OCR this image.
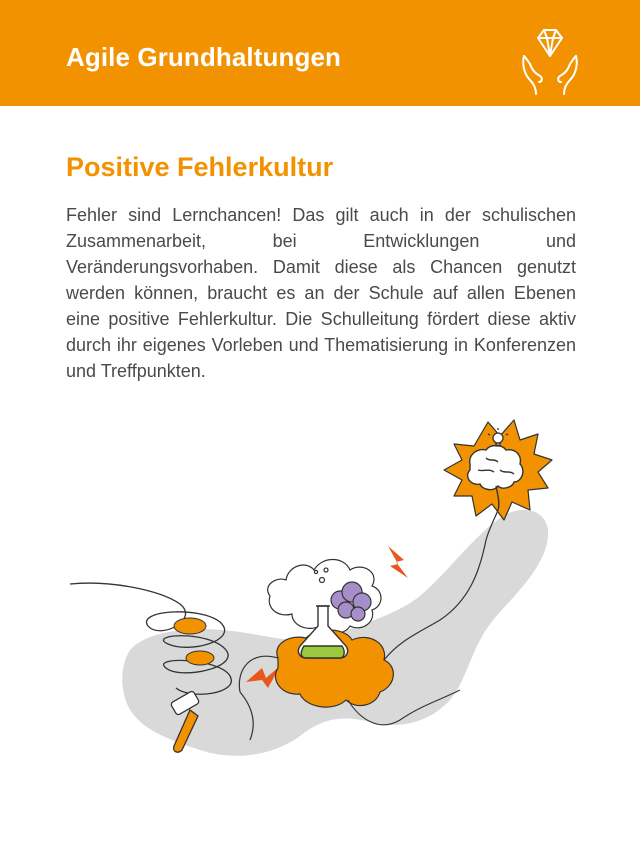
Agile Grundhaltungen
Positive Fehlerkultur
Fehler sind Lernchancen! Das gilt auch in der schulischen Zusammenarbeit, bei Entwicklungen und Veränderungsvorhaben. Damit diese als Chancen genutzt werden können, braucht es an der Schule auf allen Ebenen eine positive Fehlerkultur. Die Schulleitung fördert diese aktiv durch ihr eigenes Vorleben und Thematisierung in Konferenzen und Treffpunkten.
